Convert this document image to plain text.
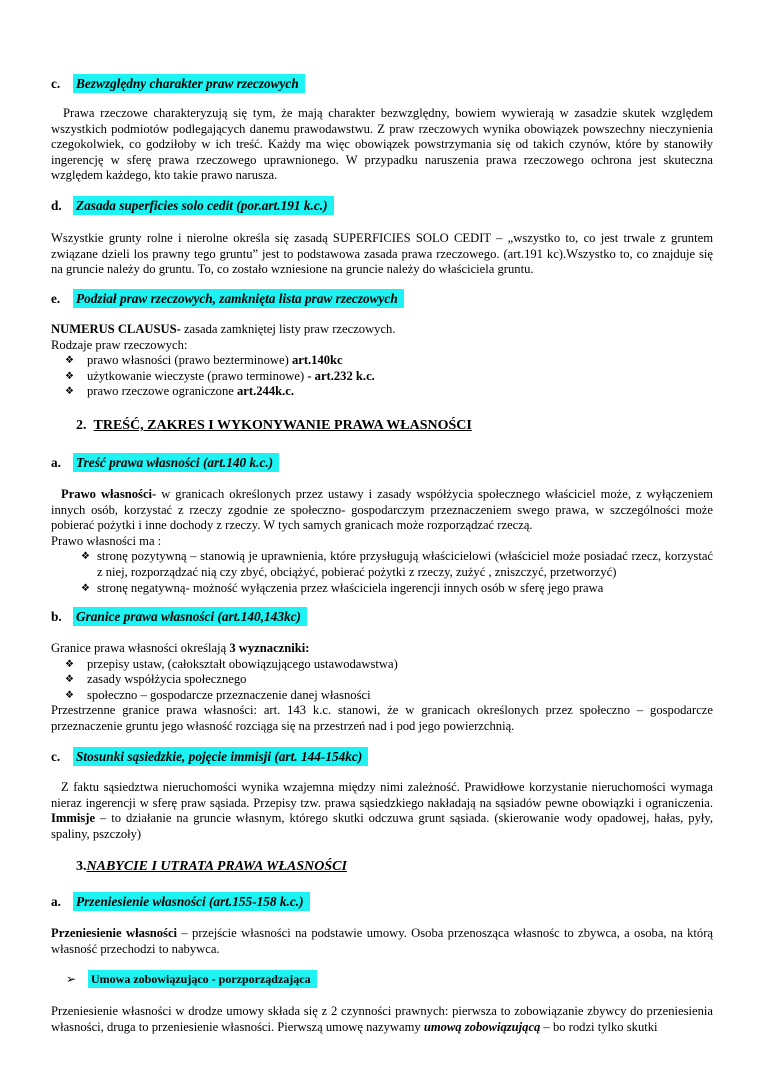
c. Bezwzględny charakter praw rzeczowych
Prawa rzeczowe charakteryzują się tym, że mają charakter bezwzględny, bowiem wywierają w zasadzie skutek względem wszystkich podmiotów podlegających danemu prawodawstwu. Z praw rzeczowych wynika obowiązek powszechny nieczynienia czegokolwiek, co godziłoby w ich treść. Każdy ma więc obowiązek powstrzymania się od takich czynów, które by stanowiły ingerencję w sferę prawa rzeczowego uprawnionego. W przypadku naruszenia prawa rzeczowego ochrona jest skuteczna względem każdego, kto takie prawo narusza.
d. Zasada superficies solo cedit (por.art.191 k.c.)
Wszystkie grunty rolne i nierolne określa się zasadą SUPERFICIES SOLO CEDIT – „wszystko to, co jest trwale z gruntem związane dzieli los prawny tego gruntu” jest to podstawowa zasada prawa rzeczowego. (art.191 kc).Wszystko to, co znajduje się na gruncie należy do gruntu. To, co zostało wzniesione na gruncie należy do właściciela gruntu.
e. Podział praw rzeczowych, zamknięta lista praw rzeczowych
NUMERUS CLAUSUS- zasada zamkniętej listy praw rzeczowych.
Rodzaje praw rzeczowych:
❖ prawo własności (prawo bezterminowe) art.140kc
❖ użytkowanie wieczyste (prawo terminowe) - art.232 k.c.
❖ prawo rzeczowe ograniczone art.244k.c.
2. TREŚĆ, ZAKRES I WYKONYWANIE PRAWA WŁASNOŚCI
a. Treść prawa własności (art.140 k.c.)
Prawo własności- w granicach określonych przez ustawy i zasady współżycia społecznego właściciel może, z wyłączeniem innych osób, korzystać z rzeczy zgodnie ze społeczno- gospodarczym przeznaczeniem swego prawa, w szczególności może pobierać pożytki i inne dochody z rzeczy. W tych samych granicach może rozporządzać rzeczą.
Prawo własności ma :
❖ stronę pozytywną – stanowią je uprawnienia, które przysługują właścicielowi (właściciel może posiadać rzecz, korzystać z niej, rozporządzać nią czy zbyć, obciążyć, pobierać pożytki z rzeczy, zużyć , zniszczyć, przetworzyć)
❖ stronę negatywną- możność wyłączenia przez właściciela ingerencji innych osób w sferę jego prawa
b. Granice prawa własności (art.140,143kc)
Granice prawa własności określają 3 wyznaczniki:
❖ przepisy ustaw, (całokształt obowiązującego ustawodawstwa)
❖ zasady współżycia społecznego
❖ społeczno – gospodarcze przeznaczenie danej własności
Przestrzenne granice prawa własności: art. 143 k.c. stanowi, że w granicach określonych przez społeczno – gospodarcze przeznaczenie gruntu jego własność rozciąga się na przestrzeń nad i pod jego powierzchnią.
c. Stosunki sąsiedzkie, pojęcie immisji (art. 144-154kc)
Z faktu sąsiedztwa nieruchomości wynika wzajemna między nimi zależność. Prawidłowe korzystanie nieruchomości wymaga nieraz ingerencji w sferę praw sąsiada. Przepisy tzw. prawa sąsiedzkiego nakładają na sąsiadów pewne obowiązki i ograniczenia. Immisje – to działanie na gruncie własnym, którego skutki odczuwa grunt sąsiada. (skierowanie wody opadowej, hałas, pyły, spaliny, pszczoły)
3.NABYCIE I UTRATA PRAWA WŁASNOŚCI
a. Przeniesienie własności (art.155-158 k.c.)
Przeniesienie własności – przejście własności na podstawie umowy. Osoba przenosząca własnośc to zbywca, a osoba, na którą własność przechodzi to nabywca.
➢ Umowa zobowiązująco - porzporządzająca
Przeniesienie własności w drodze umowy składa się z 2 czynności prawnych: pierwsza to zobowiązanie zbywcy do przeniesienia własności, druga to przeniesienie własności. Pierwszą umowę nazywamy umową zobowiązującą – bo rodzi tylko skutki
